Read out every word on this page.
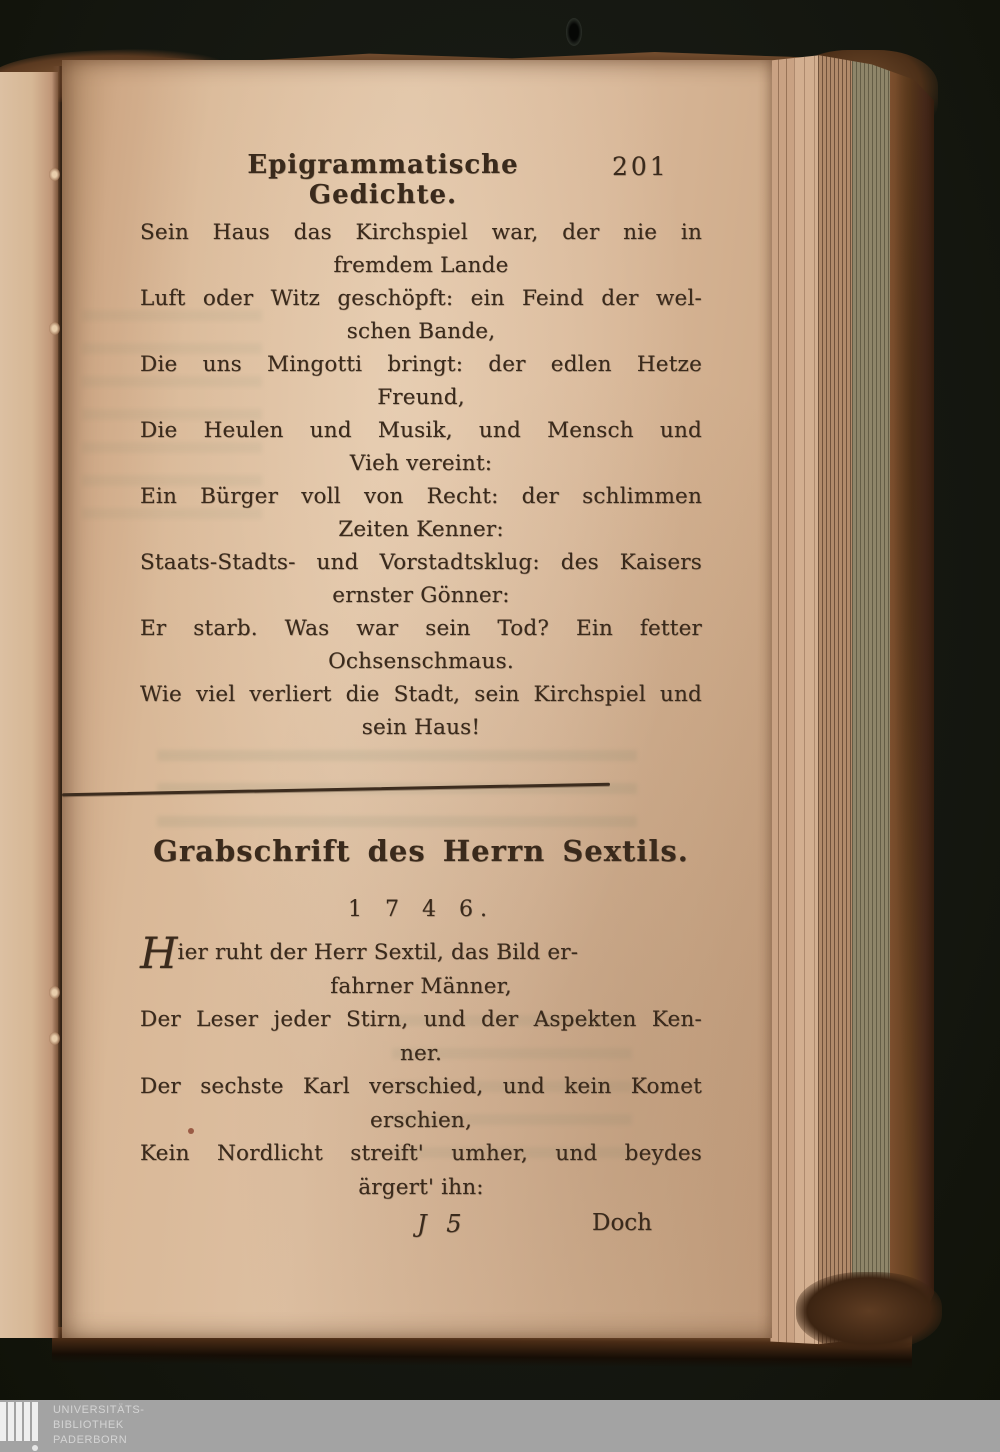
Epigrammatische Gedichte.
201
Sein Haus das Kirchspiel war, der nie in
fremdem Lande
Luft oder Witz geschöpft: ein Feind der wel-
schen Bande,
Die uns Mingotti bringt: der edlen Hetze
Freund,
Die Heulen und Musik, und Mensch und
Vieh vereint:
Ein Bürger voll von Recht: der schlimmen
Zeiten Kenner:
Staats-Stadts- und Vorstadtsklug: des Kaisers
ernster Gönner:
Er starb. Was war sein Tod? Ein fetter
Ochsenschmaus.
Wie viel verliert die Stadt, sein Kirchspiel und
sein Haus!
Grabschrift des Herrn Sextils.
1 7 4 6.
H ier ruht der Herr Sextil, das Bild er-
fahrner Männer,
Der Leser jeder Stirn, und der Aspekten Ken-
ner.
Der sechste Karl verschied, und kein Komet
erschien,
Kein Nordlicht streift' umher, und beydes
ärgert' ihn:
J 5	Doch
UNIVERSITÄTS-
BIBLIOTHEK
PADERBORN
